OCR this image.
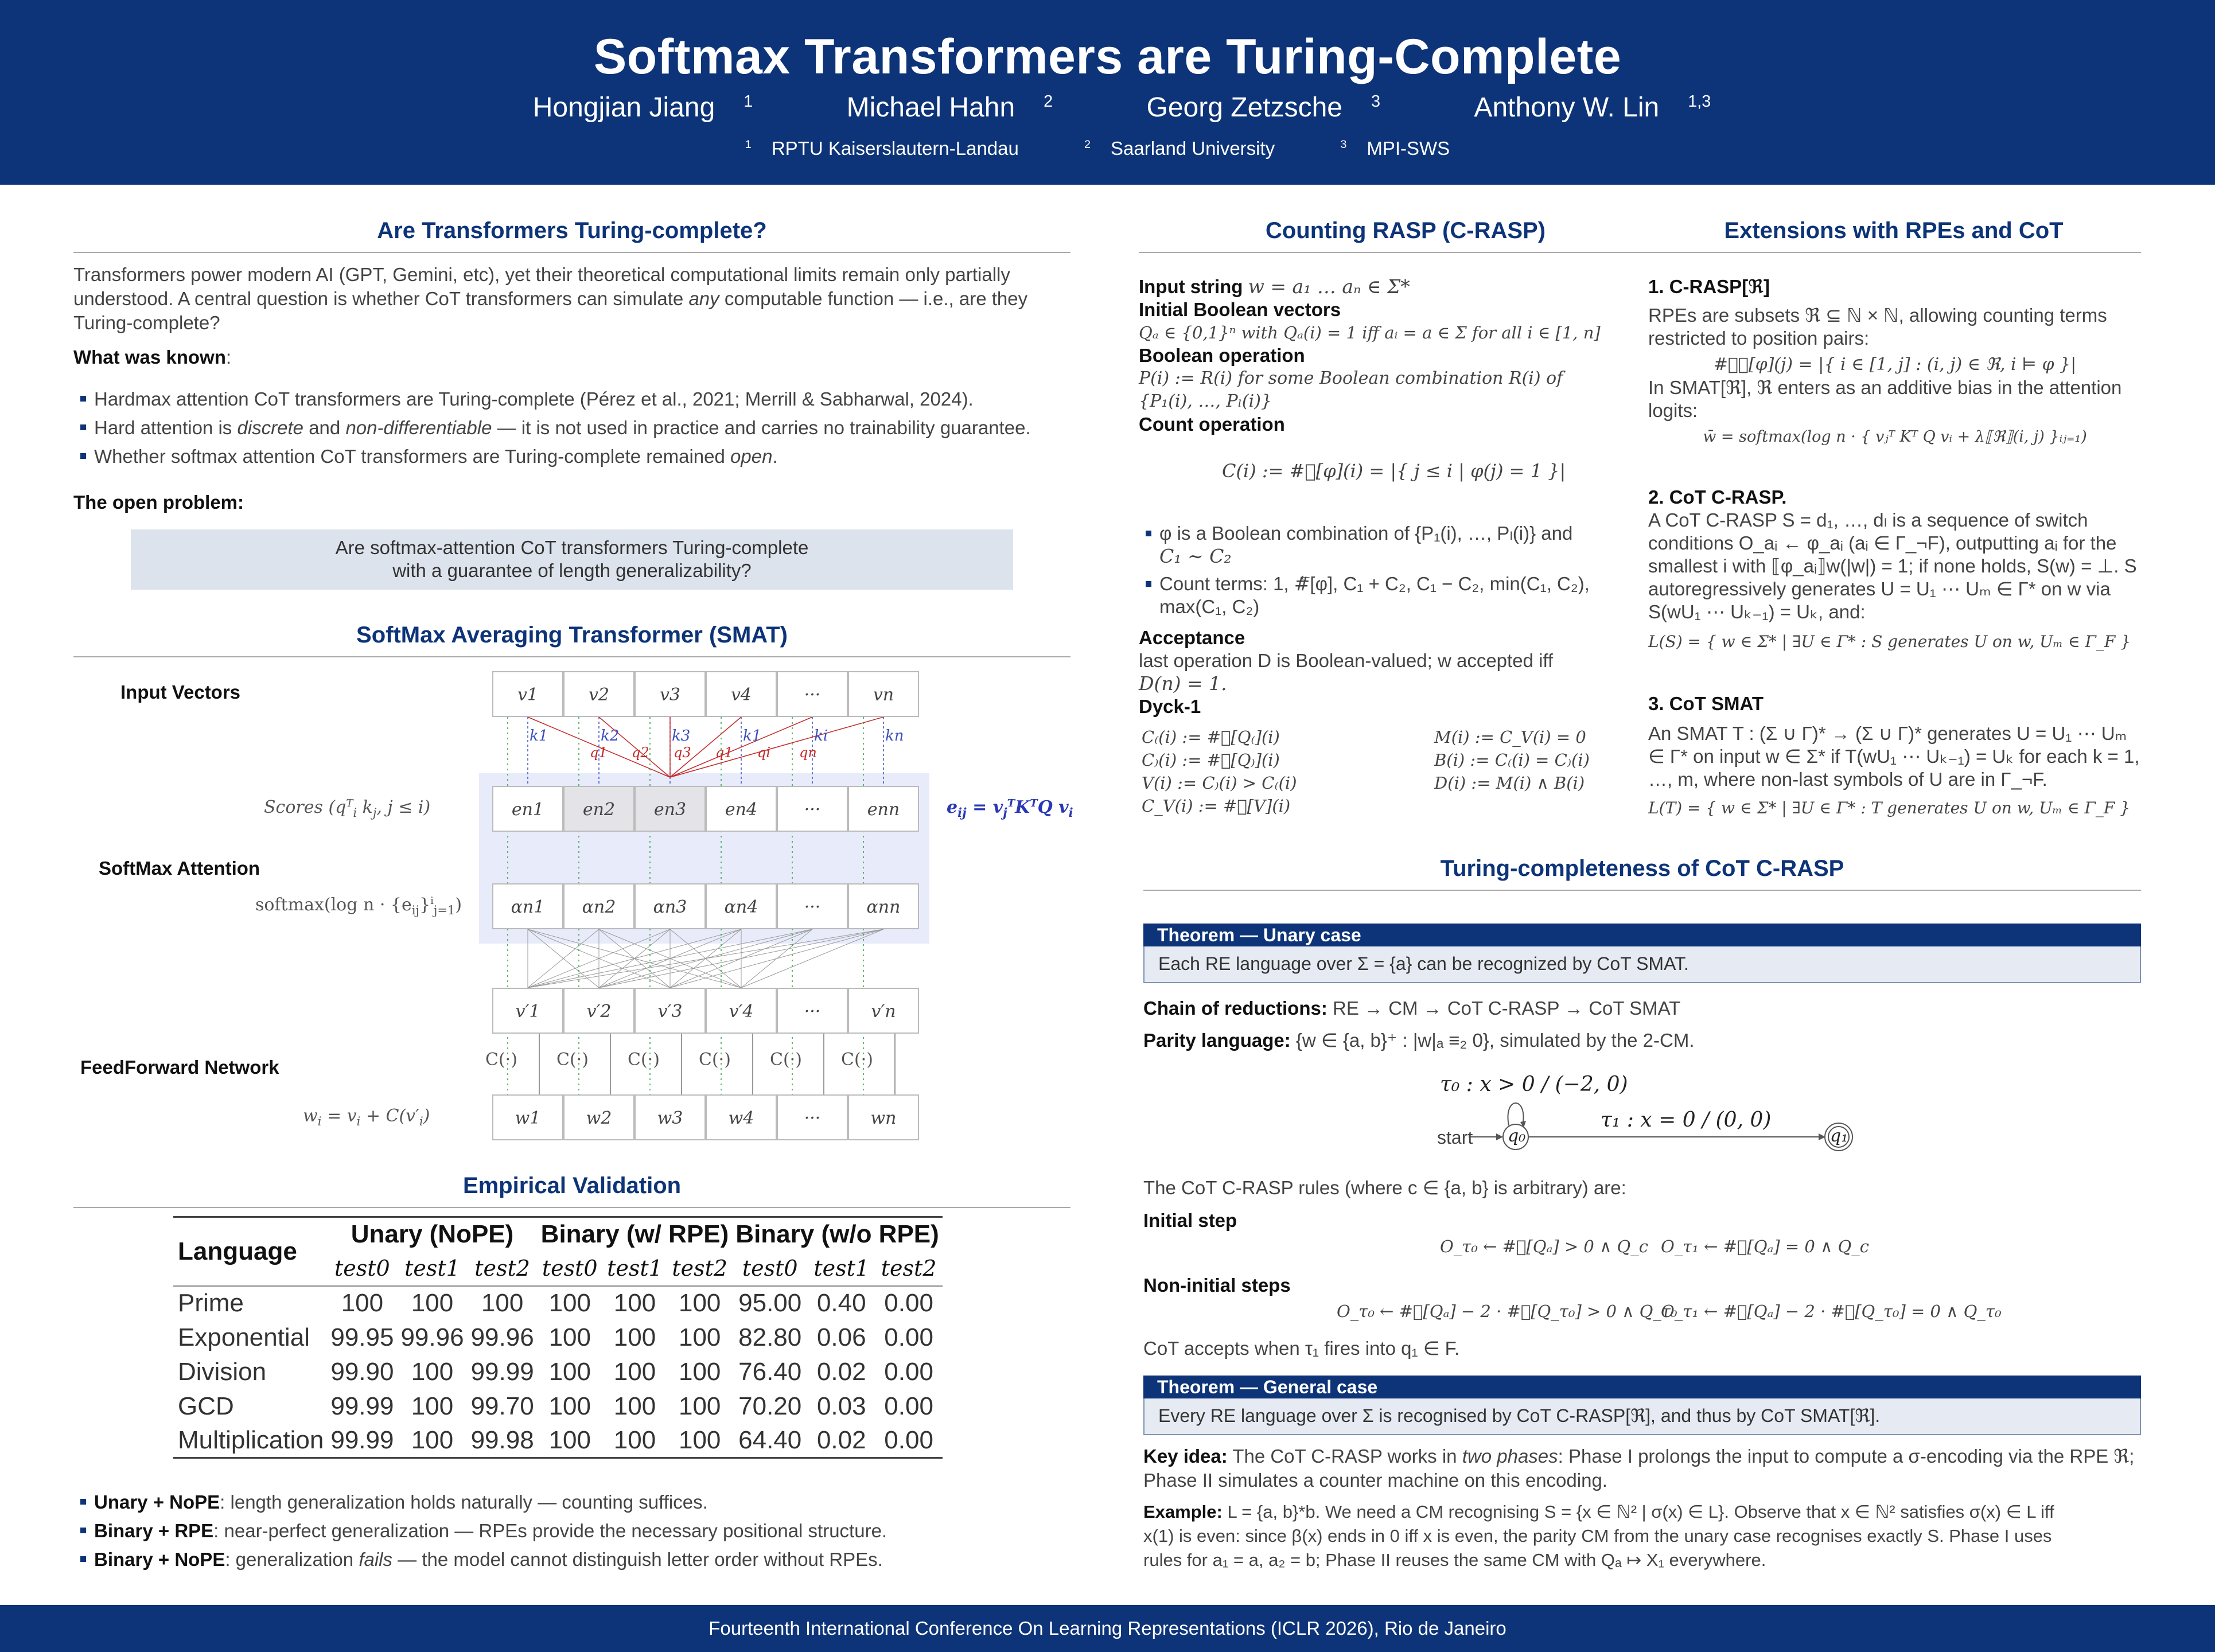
Softmax Transformers are Turing-Complete
Hongjian Jiang $^1$	Michael Hahn $^2$	Georg Zetzsche $^3$	Anthony W. Lin $^{1,3}$
$^1$ RPTU Kaiserslautern-Landau	$^2$ Saarland University	$^3$ MPI-SWS
Are Transformers Turing-complete?
Transformers power modern AI (GPT, Gemini, etc), yet their theoretical computational limits remain only partially understood. A central question is whether CoT transformers can simulate any computable function — i.e., are they Turing-complete?
What was known:
Hardmax attention CoT transformers are Turing-complete (Pérez et al., 2021; Merrill & Sabharwal, 2024).
Hard attention is discrete and non-differentiable — it is not used in practice and carries no trainability guarantee.
Whether softmax attention CoT transformers are Turing-complete remained open.
The open problem:
Are softmax-attention CoT transformers Turing-complete
with a guarantee of length generalizability?
SoftMax Averaging Transformer (SMAT)
Input Vectors
Scores ($q^T_i$ $k_j$, j ≤ i)
SoftMax Attention
softmax(log $n \cdot \{e_{ij}\}^i_{j=1}$)
FeedForward Network
$w_i = v_i + C(v'_i)$
$e_{ij} = v_j^TK^TQ$ $v_i$
v1	v2	v3	v4	···	vn
en1	en2	en3	en4	···	enn
αn1	αn2	αn3	αn4	···	αnn
v′1	v′2	v′3	v′4	···	v′n
w1	w2	w3	w4	···	wn
C(·) C(·) C(·) C(·) C(·) C(·)
k1	k2	k3	k1	ki	kn
q1 q2 q3 q1 qi qn
Empirical Validation
Language	Unary (NoPE)			Binary (w/ RPE)			Binary (w/o RPE)		
	test0	test1	test2	test0	test1	test2	test0	test1	test2
Prime	100	100	100	100	100	100	95.00	0.40	0.00
Exponential	99.95	99.96	99.96	100	100	100	82.80	0.06	0.00
Division	99.90	100	99.99	100	100	100	76.40	0.02	0.00
GCD	99.99	100	99.70	100	100	100	70.20	0.03	0.00
Multiplication	99.99	100	99.98	100	100	100	64.40	0.02	0.00
Unary + NoPE: length generalization holds naturally — counting suffices.
Binary + RPE: near-perfect generalization — RPEs provide the necessary positional structure.
Binary + NoPE: generalization fails — the model cannot distinguish letter order without RPEs.
Counting RASP (C-RASP)
Input string w = a₁ … aₙ ∈ Σ*
Initial Boolean vectors
Qₐ ∈ {0,1}ⁿ with Qₐ(i) = 1 iff aᵢ = a ∈ Σ for all i ∈ [1, n]
Boolean operation
P(i) := R(i) for some Boolean combination R(i) of
{P₁(i), …, Pₗ(i)}
Count operation
C(i) := #⃖[φ](i) = |{ j ≤ i | φ(j) = 1 }|
φ is a Boolean combination of {P₁(i), …, Pₗ(i)} and
C₁ ∼ C₂
Count terms: 1, #⃖[φ], C₁ + C₂, C₁ − C₂, min(C₁, C₂),
max(C₁, C₂)
Acceptance
last operation D is Boolean-valued; w accepted iff
D(n) = 1.
Dyck-1
C₍(i) := #⃖[Q₍](i)
C₎(i) := #⃖[Q₎](i)
V(i) := C₎(i) > C₍(i)
C_V(i) := #⃖[V](i)
M(i) := C_V(i) = 0
B(i) := C₍(i) = C₎(i)
D(i) := M(i) ∧ B(i)
Extensions with RPEs and CoT
1. C-RASP[ℜ]
RPEs are subsets ℜ ⊆ ℕ × ℕ, allowing counting terms restricted to position pairs:
#⃖ℜ[φ](j) = |{ i ∈ [1, j] : (i, j) ∈ ℜ, i ⊨ φ }|
In SMAT[ℜ], ℜ enters as an additive bias in the attention logits:
w̄ = softmax(log n · { vⱼᵀ Kᵀ Q vᵢ + λ⟦ℜ⟧(i, j) }ᵢⱼ₌₁)
2. CoT C-RASP.
A CoT C-RASP S = d₁, …, dₗ is a sequence of switch
conditions O_aᵢ ← φ_aᵢ (aᵢ ∈ Γ_¬F), outputting aᵢ for the
smallest i with ⟦φ_aᵢ⟧w(|w|) = 1; if none holds, S(w) = ⊥. S
autoregressively generates U = U₁ ⋯ Uₘ ∈ Γ* on w via
S(wU₁ ⋯ Uₖ₋₁) = Uₖ, and:
L(S) = { w ∈ Σ* | ∃U ∈ Γ* : S generates U on w, Uₘ ∈ Γ_F }
3. CoT SMAT
An SMAT T : (Σ ∪ Γ)* → (Σ ∪ Γ)* generates U = U₁ ⋯ Uₘ
∈ Γ* on input w ∈ Σ* if T(wU₁ ⋯ Uₖ₋₁) = Uₖ for each k = 1,
…, m, where non-last symbols of U are in Γ_¬F.
L(T) = { w ∈ Σ* | ∃U ∈ Γ* : T generates U on w, Uₘ ∈ Γ_F }
Turing-completeness of CoT C-RASP
Theorem — Unary case
Each RE language over Σ = {a} can be recognized by CoT SMAT.
Chain of reductions: RE → CM → CoT C-RASP → CoT SMAT
Parity language: {w ∈ {a, b}⁺ : |w|ₐ ≡₂ 0}, simulated by the 2-CM.
τ₀ : x > 0 / (−2, 0)
τ₁ : x = 0 / (0, 0)
start q₀	q₁
The CoT C-RASP rules (where c ∈ {a, b} is arbitrary) are:
Initial step
O_τ₀ ← #⃖[Qₐ] > 0 ∧ Q_c O_τ₁ ← #⃖[Qₐ] = 0 ∧ Q_c
Non-initial steps
O_τ₀ ← #⃖[Qₐ] − 2 · #⃖[Q_τ₀] > 0 ∧ Q_τ₀
O_τ₁ ← #⃖[Qₐ] − 2 · #⃖[Q_τ₀] = 0 ∧ Q_τ₀
CoT accepts when τ₁ fires into q₁ ∈ F.
Theorem — General case
Every RE language over Σ is recognised by CoT C-RASP[ℜ], and thus by CoT SMAT[ℜ].
Key idea: The CoT C-RASP works in two phases: Phase I prolongs the input to compute a σ-encoding via the RPE ℜ;
Phase II simulates a counter machine on this encoding.
Example: L = {a, b}*b. We need a CM recognising S = {x ∈ ℕ² | σ(x) ∈ L}. Observe that x ∈ ℕ² satisfies σ(x) ∈ L iff
x(1) is even: since β(x) ends in 0 iff x is even, the parity CM from the unary case recognises exactly S. Phase I uses
rules for a₁ = a, a₂ = b; Phase II reuses the same CM with Qₐ ↦ X₁ everywhere.
Fourteenth International Conference On Learning Representations (ICLR 2026), Rio de Janeiro
